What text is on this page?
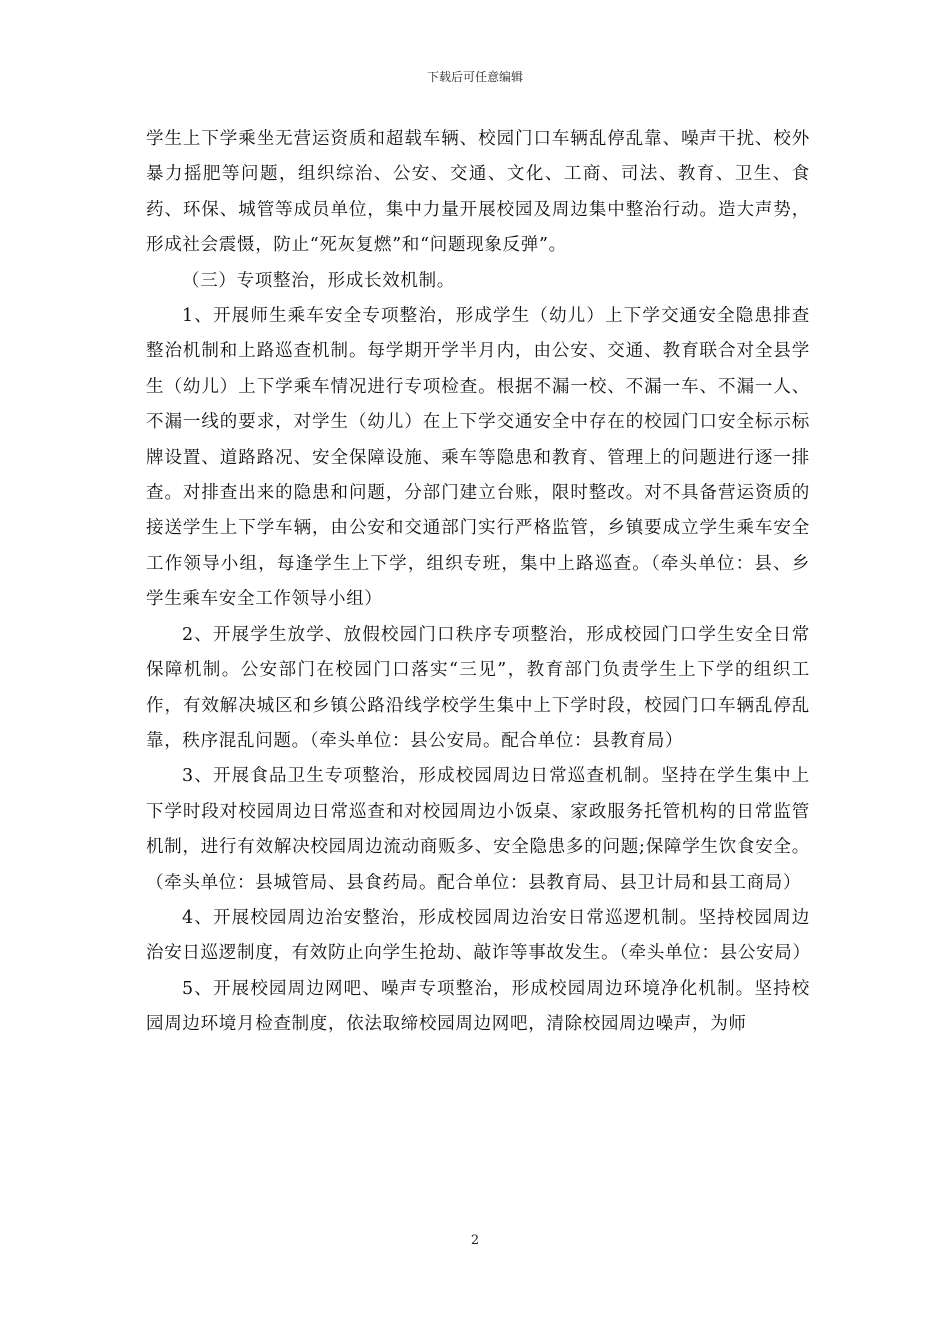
下载后可任意编辑

学生上下学乘坐无营运资质和超载车辆、校园门口车辆乱停乱靠、噪声干扰、校外暴力摇肥等问题，组织综治、公安、交通、文化、工商、司法、教育、卫生、食药、环保、城管等成员单位，集中力量开展校园及周边集中整治行动。造大声势，形成社会震慑，防止“死灰复燃”和“问题现象反弹”。

（三）专项整治，形成长效机制。

1、开展师生乘车安全专项整治，形成学生（幼儿）上下学交通安全隐患排查整治机制和上路巡查机制。每学期开学半月内，由公安、交通、教育联合对全县学生（幼儿）上下学乘车情况进行专项检查。根据不漏一校、不漏一车、不漏一人、不漏一线的要求，对学生（幼儿）在上下学交通安全中存在的校园门口安全标示标牌设置、道路路况、安全保障设施、乘车等隐患和教育、管理上的问题进行逐一排查。对排查出来的隐患和问题，分部门建立台账，限时整改。对不具备营运资质的接送学生上下学车辆，由公安和交通部门实行严格监管，乡镇要成立学生乘车安全工作领导小组，每逢学生上下学，组织专班，集中上路巡查。（牵头单位：县、乡学生乘车安全工作领导小组）

2、开展学生放学、放假校园门口秩序专项整治，形成校园门口学生安全日常保障机制。公安部门在校园门口落实“三见”，教育部门负责学生上下学的组织工作，有效解决城区和乡镇公路沿线学校学生集中上下学时段，校园门口车辆乱停乱靠，秩序混乱问题。（牵头单位：县公安局。配合单位：县教育局）

3、开展食品卫生专项整治，形成校园周边日常巡查机制。坚持在学生集中上下学时段对校园周边日常巡查和对校园周边小饭桌、家政服务托管机构的日常监管机制，进行有效解决校园周边流动商贩多、安全隐患多的问题;保障学生饮食安全。（牵头单位：县城管局、县食药局。配合单位：县教育局、县卫计局和县工商局）

4、开展校园周边治安整治，形成校园周边治安日常巡逻机制。坚持校园周边治安日巡逻制度，有效防止向学生抢劫、敲诈等事故发生。（牵头单位：县公安局）

5、开展校园周边网吧、噪声专项整治，形成校园周边环境净化机制。坚持校园周边环境月检查制度，依法取缔校园周边网吧，清除校园周边噪声，为师

2
